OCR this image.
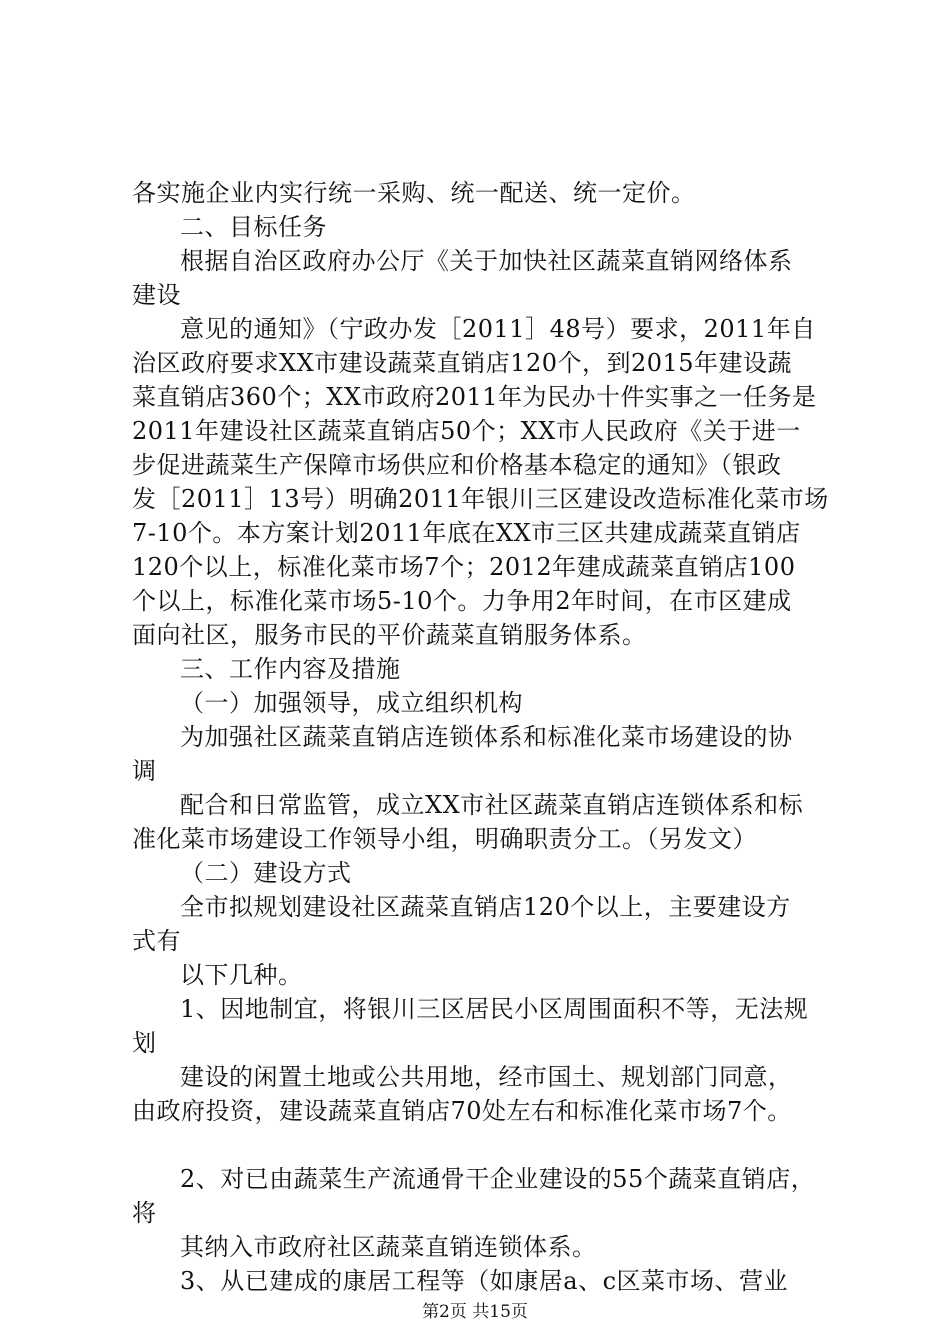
各实施企业内实行统一采购、统一配送、统一定价。
二、目标任务
根据自治区政府办公厅《关于加快社区蔬菜直销网络体系
建设
意见的通知》（宁政办发［2011］48号）要求，2011年自
治区政府要求XX市建设蔬菜直销店120个，到2015年建设蔬
菜直销店360个；XX市政府2011年为民办十件实事之一任务是
2011年建设社区蔬菜直销店50个；XX市人民政府《关于进一
步促进蔬菜生产保障市场供应和价格基本稳定的通知》（银政
发［2011］13号）明确2011年银川三区建设改造标准化菜市场
7-10个。本方案计划2011年底在XX市三区共建成蔬菜直销店
120个以上，标准化菜市场7个；2012年建成蔬菜直销店100
个以上，标准化菜市场5-10个。力争用2年时间，在市区建成
面向社区，服务市民的平价蔬菜直销服务体系。
三、工作内容及措施
（一）加强领导，成立组织机构
为加强社区蔬菜直销店连锁体系和标准化菜市场建设的协
调
配合和日常监管，成立XX市社区蔬菜直销店连锁体系和标
准化菜市场建设工作领导小组，明确职责分工。（另发文）
（二）建设方式
全市拟规划建设社区蔬菜直销店120个以上，主要建设方
式有
以下几种。
1、因地制宜，将银川三区居民小区周围面积不等，无法规
划
建设的闲置土地或公共用地，经市国土、规划部门同意，
由政府投资，建设蔬菜直销店70处左右和标准化菜市场7个。
2、对已由蔬菜生产流通骨干企业建设的55个蔬菜直销店，
将
其纳入市政府社区蔬菜直销连锁体系。
3、从已建成的康居工程等（如康居a、c区菜市场、营业
第2页 共15页
